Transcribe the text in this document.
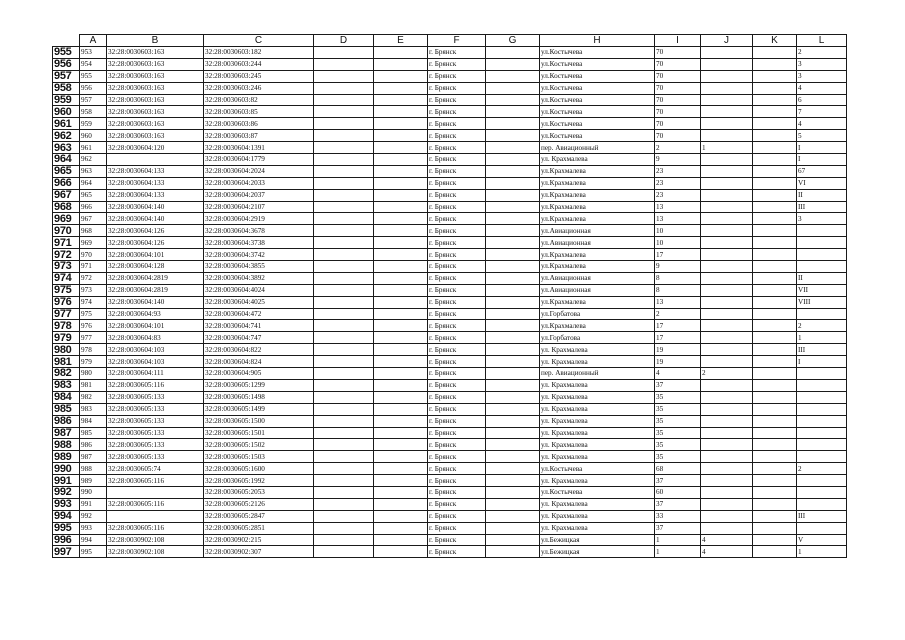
	A	B	C	D	E	F	G	H	I	J	K	L
955	953	32:28:0030603:163	32:28:0030603:182			г. Брянск		ул.Костычева	70			2
956	954	32:28:0030603:163	32:28:0030603:244			г. Брянск		ул.Костычева	70			3
957	955	32:28:0030603:163	32:28:0030603:245			г. Брянск		ул.Костычева	70			3
958	956	32:28:0030603:163	32:28:0030603:246			г. Брянск		ул.Костычева	70			4
959	957	32:28:0030603:163	32:28:0030603:82			г. Брянск		ул.Костычева	70			6
960	958	32:28:0030603:163	32:28:0030603:85			г. Брянск		ул.Костычева	70			7
961	959	32:28:0030603:163	32:28:0030603:86			г. Брянск		ул.Костычева	70			4
962	960	32:28:0030603:163	32:28:0030603:87			г. Брянск		ул.Костычева	70			5
963	961	32:28:0030604:120	32:28:0030604:1391			г. Брянск		пер. Авиационный	2	1		I
964	962		32:28:0030604:1779			г. Брянск		ул. Крахмалева	9			I
965	963	32:28:0030604:133	32:28:0030604:2024			г. Брянск		ул.Крахмалева	23			67
966	964	32:28:0030604:133	32:28:0030604:2033			г. Брянск		ул.Крахмалева	23			VI
967	965	32:28:0030604:133	32:28:0030604:2037			г. Брянск		ул.Крахмалева	23			II
968	966	32:28:0030604:140	32:28:0030604:2107			г. Брянск		ул.Крахмалева	13			III
969	967	32:28:0030604:140	32:28:0030604:2919			г. Брянск		ул.Крахмалева	13			3
970	968	32:28:0030604:126	32:28:0030604:3678			г. Брянск		ул.Авиационная	10			
971	969	32:28:0030604:126	32:28:0030604:3738			г. Брянск		ул.Авиационная	10			
972	970	32:28:0030604:101	32:28:0030604:3742			г. Брянск		ул.Крахмалева	17			
973	971	32:28:0030604:128	32:28:0030604:3855			г. Брянск		ул.Крахмалева	9			
974	972	32:28:0030604:2819	32:28:0030604:3892			г. Брянск		ул.Авиационная	8			II
975	973	32:28:0030604:2819	32:28:0030604:4024			г. Брянск		ул.Авиационная	8			VII
976	974	32:28:0030604:140	32:28:0030604:4025			г. Брянск		ул.Крахмалева	13			VIII
977	975	32:28:0030604:93	32:28:0030604:472			г. Брянск		ул.Горбатова	2			
978	976	32:28:0030604:101	32:28:0030604:741			г. Брянск		ул.Крахмалева	17			2
979	977	32:28:0030604:83	32:28:0030604:747			г. Брянск		ул.Горбатова	17			1
980	978	32:28:0030604:103	32:28:0030604:822			г. Брянск		ул. Крахмалева	19			III
981	979	32:28:0030604:103	32:28:0030604:824			г. Брянск		ул. Крахмалева	19			I
982	980	32:28:0030604:111	32:28:0030604:905			г. Брянск		пер. Авиационный	4	2		
983	981	32:28:0030605:116	32:28:0030605:1299			г. Брянск		ул. Крахмалева	37			
984	982	32:28:0030605:133	32:28:0030605:1498			г. Брянск		ул. Крахмалева	35			
985	983	32:28:0030605:133	32:28:0030605:1499			г. Брянск		ул. Крахмалева	35			
986	984	32:28:0030605:133	32:28:0030605:1500			г. Брянск		ул. Крахмалева	35			
987	985	32:28:0030605:133	32:28:0030605:1501			г. Брянск		ул. Крахмалева	35			
988	986	32:28:0030605:133	32:28:0030605:1502			г. Брянск		ул. Крахмалева	35			
989	987	32:28:0030605:133	32:28:0030605:1503			г. Брянск		ул. Крахмалева	35			
990	988	32:28:0030605:74	32:28:0030605:1600			г. Брянск		ул.Костычева	68			2
991	989	32:28:0030605:116	32:28:0030605:1992			г. Брянск		ул. Крахмалева	37			
992	990		32:28:0030605:2053			г. Брянск		ул.Костычева	60			
993	991	32:28:0030605:116	32:28:0030605:2126			г. Брянск		ул. Крахмалева	37			
994	992		32:28:0030605:2847			г. Брянск		ул. Крахмалева	33			III
995	993	32:28:0030605:116	32:28:0030605:2851			г. Брянск		ул. Крахмалева	37			
996	994	32:28:0030902:108	32:28:0030902:215			г. Брянск		ул.Бежицкая	1	4		V
997	995	32:28:0030902:108	32:28:0030902:307			г. Брянск		ул.Бежицкая	1	4		1
